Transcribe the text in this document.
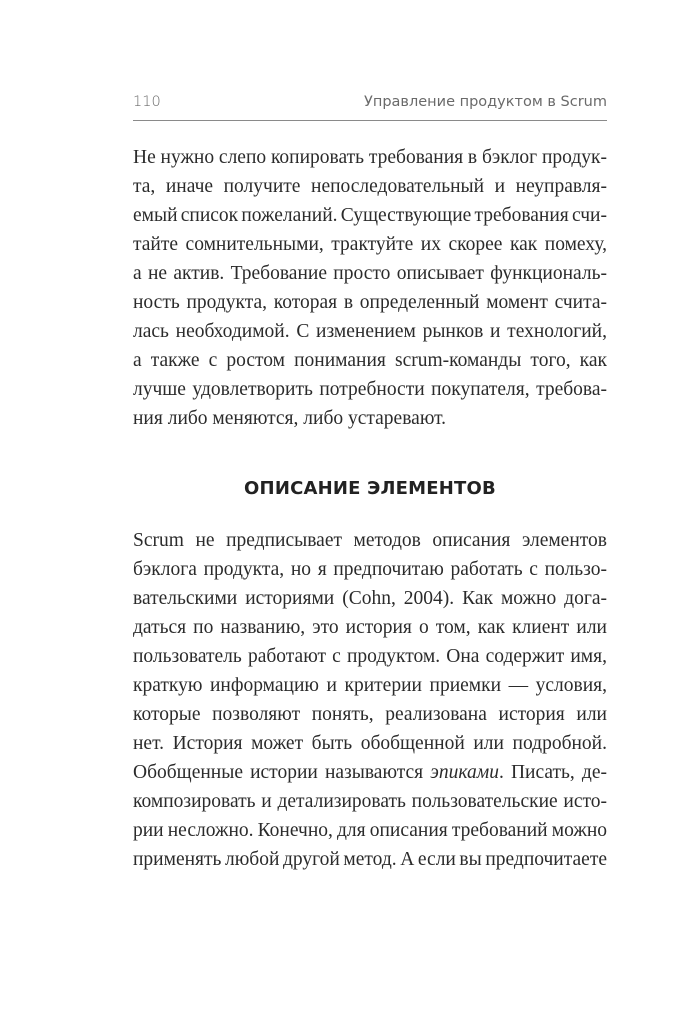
110	Управление продуктом в Scrum
Не нужно слепо копировать требования в бэклог продук-
та, иначе получите непоследовательный и неуправля-
емый список пожеланий. Существующие требования счи-
тайте сомнительными, трактуйте их скорее как помеху,
а не актив. Требование просто описывает функциональ-
ность продукта, которая в определенный момент счита-
лась необходимой. С изменением рынков и технологий,
а также с ростом понимания scrum-команды того, как
лучше удовлетворить потребности покупателя, требова-
ния либо меняются, либо устаревают.
ОПИСАНИЕ ЭЛЕМЕНТОВ
Scrum не предписывает методов описания элементов
бэклога продукта, но я предпочитаю работать с пользо-
вательскими историями (Cohn, 2004). Как можно дога-
даться по названию, это история о том, как клиент или
пользователь работают с продуктом. Она содержит имя,
краткую информацию и критерии приемки — условия,
которые позволяют понять, реализована история или
нет. История может быть обобщенной или подробной.
Обобщенные истории называются эпиками. Писать, де-
композировать и детализировать пользовательские исто-
рии несложно. Конечно, для описания требований можно
применять любой другой метод. А если вы предпочитаете
